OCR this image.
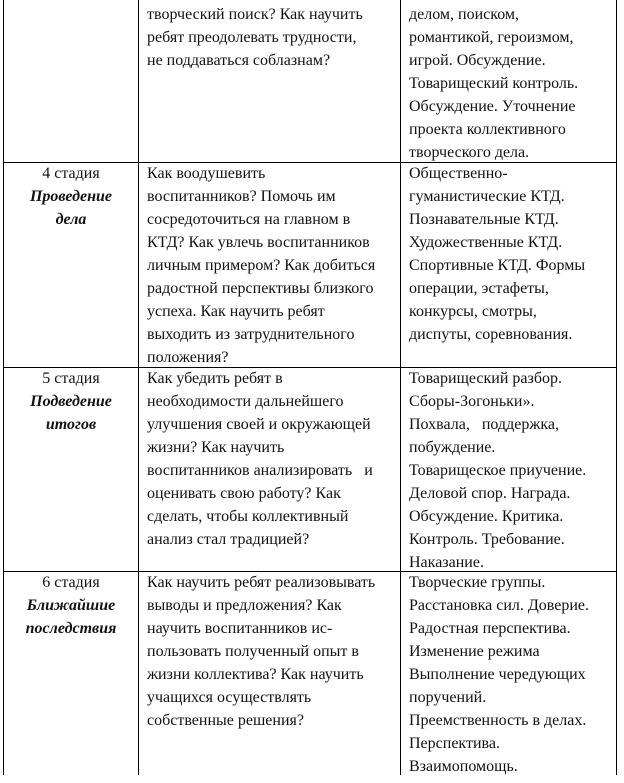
творческий поиск? Как научить
ребят преодолевать трудности,
не поддаваться соблазнам?
делом, поиском,
романтикой, героизмом,
игрой. Обсуждение.
Товарищеский контроль.
Обсуждение. Уточнение
проекта коллективного
творческого дела.
4 стадия
Проведение
дела
Как воодушевить
воспитанников? Помочь им
сосредоточиться на главном в
КТД? Как увлечь воспитанников
личным примером? Как добиться
радостной перспективы близкого
успеха. Как научить ребят
выходить из затруднительного
положения?
Общественно-
гуманистические КТД.
Познавательные КТД.
Художественные КТД.
Спортивные КТД. Формы
операции, эстафеты,
конкурсы, смотры,
диспуты, соревнования.
5 стадия
Подведение
итогов
Как убедить ребят в
необходимости дальнейшего
улучшения своей и окружающей
жизни? Как научить
воспитанников анализировать   и
оценивать свою работу? Как
сделать, чтобы коллективный
анализ стал традицией?
Товарищеский разбор.
Сборы-Зогоньки».
Похвала,   поддержка,
побуждение.
Товарищеское приучение.
Деловой спор. Награда.
Обсуждение. Критика.
Контроль. Требование.
Наказание.
6 стадия
Ближайшие
последствия
Как научить ребят реализовывать
выводы и предложения? Как
научить воспитанников ис-
пользовать полученный опыт в
жизни коллектива? Как научить
учащихся осуществлять
собственные решения?
Творческие группы.
Расстановка сил. Доверие.
Радостная перспектива.
Изменение режима
Выполнение чередующих
поручений.
Преемственность в делах.
Перспектива.
Взаимопомощь.
